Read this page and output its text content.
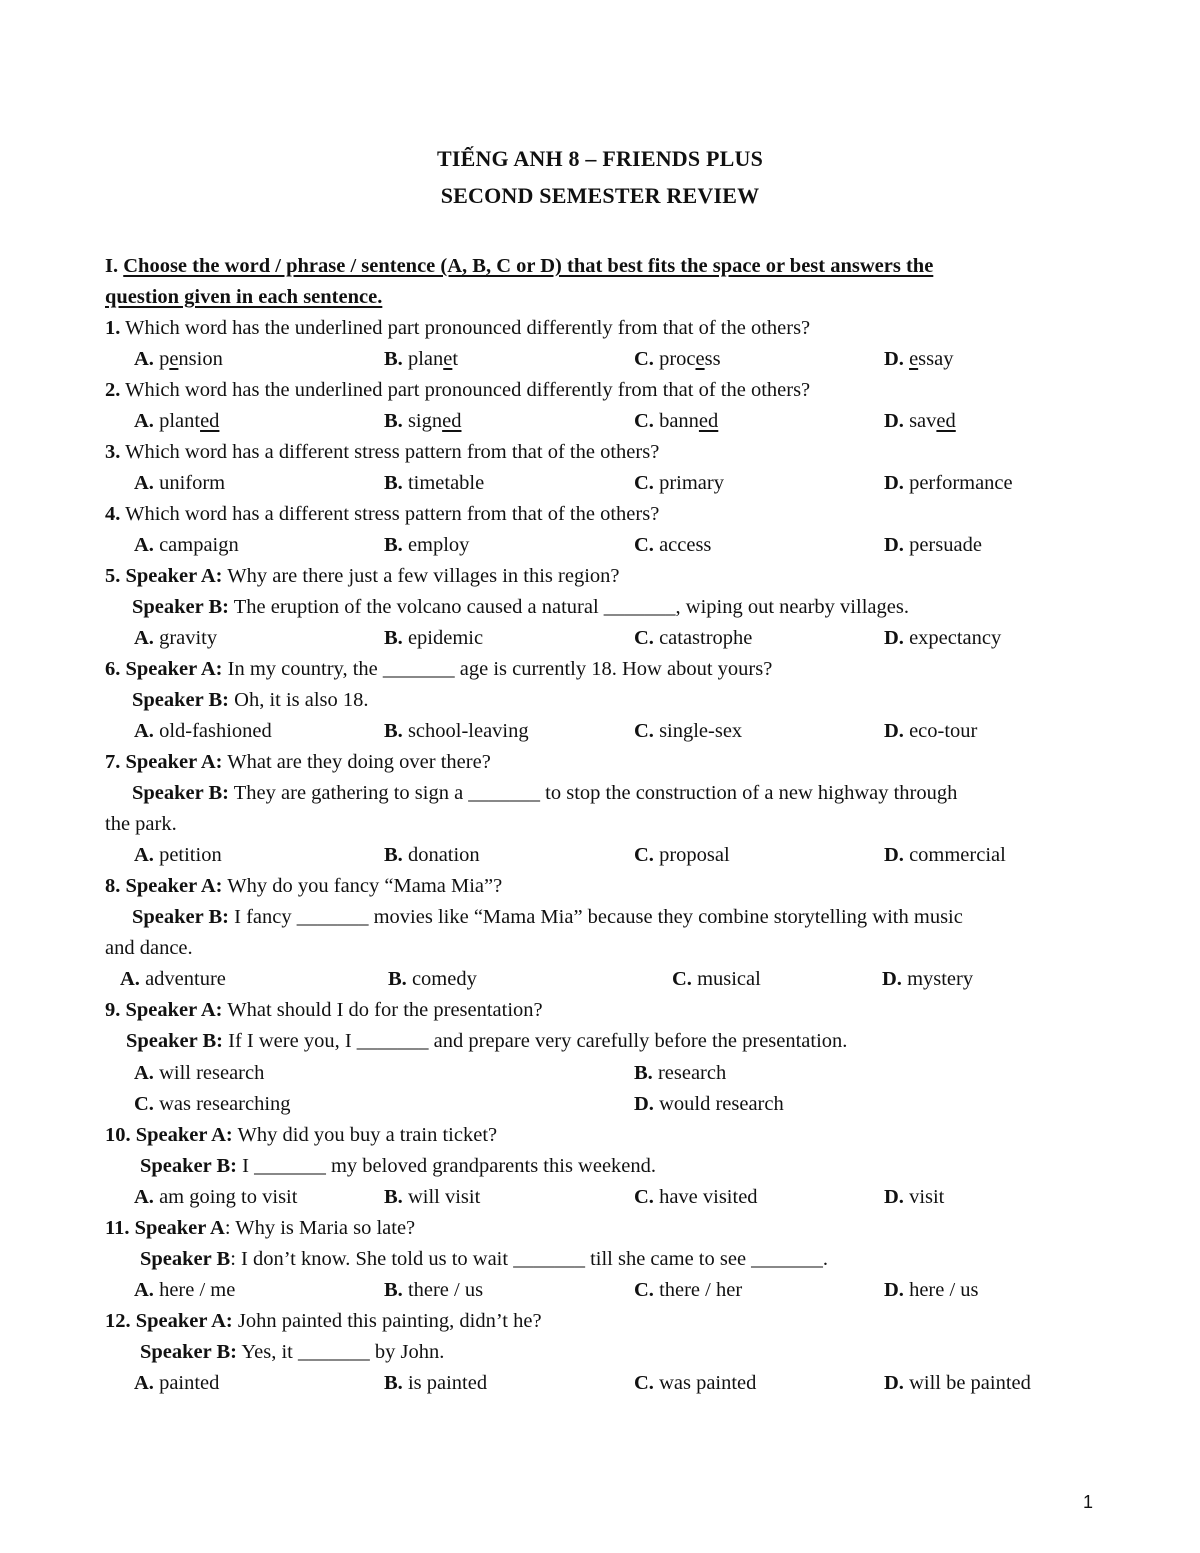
TIẾNG ANH 8 – FRIENDS PLUS
SECOND SEMESTER REVIEW
I. Choose the word / phrase / sentence (A, B, C or D) that best fits the space or best answers the
question given in each sentence.
1. Which word has the underlined part pronounced differently from that of the others?
A. pension	B. planet	C. process	D. essay
2. Which word has the underlined part pronounced differently from that of the others?
A. planted	B. signed	C. banned	D. saved
3. Which word has a different stress pattern from that of the others?
A. uniform	B. timetable	C. primary	D. performance
4. Which word has a different stress pattern from that of the others?
A. campaign	B. employ	C. access	D. persuade
5. Speaker A: Why are there just a few villages in this region?
Speaker B: The eruption of the volcano caused a natural _______, wiping out nearby villages.
A. gravity	B. epidemic	C. catastrophe	D. expectancy
6. Speaker A: In my country, the _______ age is currently 18. How about yours?
Speaker B: Oh, it is also 18.
A. old-fashioned	B. school-leaving	C. single-sex	D. eco-tour
7. Speaker A: What are they doing over there?
Speaker B: They are gathering to sign a _______ to stop the construction of a new highway through
the park.
A. petition	B. donation	C. proposal	D. commercial
8. Speaker A: Why do you fancy “Mama Mia”?
Speaker B: I fancy _______ movies like “Mama Mia” because they combine storytelling with music
and dance.
A. adventure	B. comedy	C. musical	D. mystery
9. Speaker A: What should I do for the presentation?
Speaker B: If I were you, I _______ and prepare very carefully before the presentation.
A. will research	B. research
C. was researching	D. would research
10. Speaker A: Why did you buy a train ticket?
Speaker B: I _______ my beloved grandparents this weekend.
A. am going to visit	B. will visit	C. have visited	D. visit
11. Speaker A: Why is Maria so late?
Speaker B: I don’t know. She told us to wait _______ till she came to see _______.
A. here / me	B. there / us	C. there / her	D. here / us
12. Speaker A: John painted this painting, didn’t he?
Speaker B: Yes, it _______ by John.
A. painted	B. is painted	C. was painted	D. will be painted
1
